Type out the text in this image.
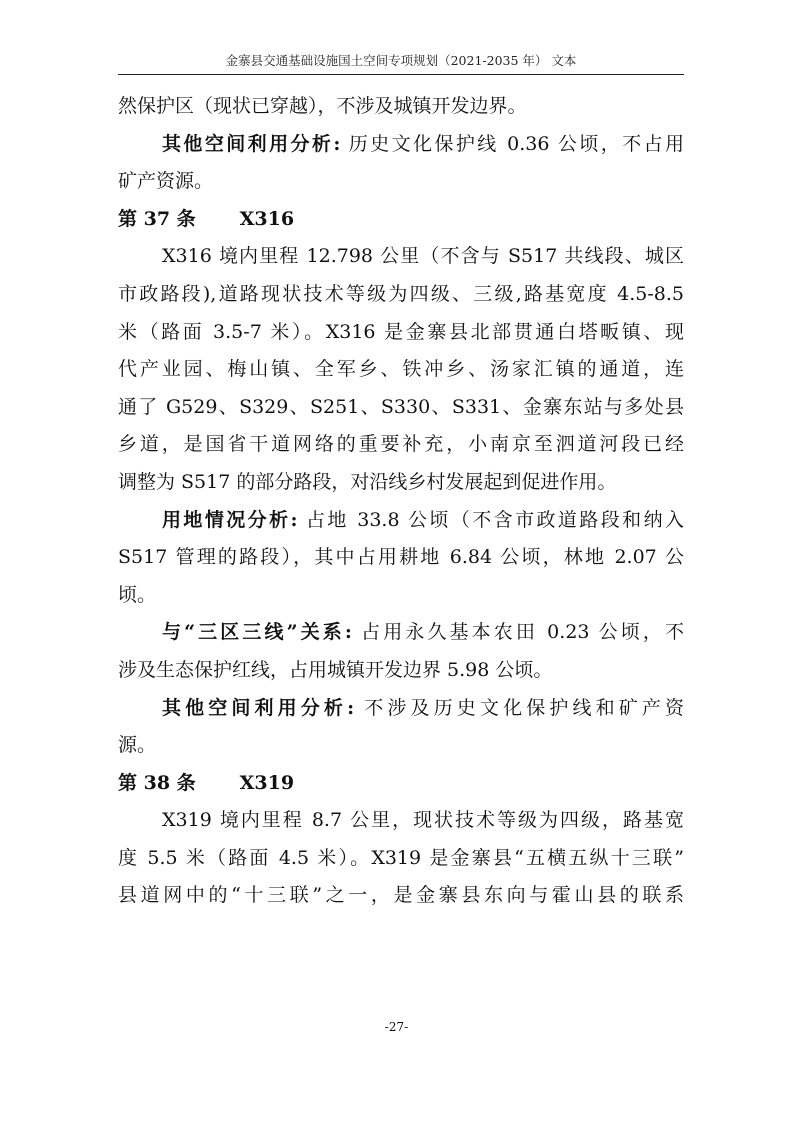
金寨县交通基础设施国土空间专项规划（2021-2035 年） 文本
然保护区（现状已穿越），不涉及城镇开发边界。
其他空间利用分析: 历史文化保护线 0.36 公顷，不占用
矿产资源。
第 37 条 X316
X316 境内里程 12.798 公里（不含与 S517 共线段、城区
市政路段),道路现状技术等级为四级、三级,路基宽度 4.5-8.5
米（路面 3.5-7 米）。X316 是金寨县北部贯通白塔畈镇、现
代产业园、梅山镇、全军乡、铁冲乡、汤家汇镇的通道，连
通了 G529、S329、S251、S330、S331、金寨东站与多处县
乡道，是国省干道网络的重要补充，小南京至泗道河段已经
调整为 S517 的部分路段，对沿线乡村发展起到促进作用。
用地情况分析: 占地 33.8 公顷（不含市政道路段和纳入
S517 管理的路段），其中占用耕地 6.84 公顷，林地 2.07 公
顷。
与“三区三线”关系: 占用永久基本农田 0.23 公顷，不
涉及生态保护红线，占用城镇开发边界 5.98 公顷。
其他空间利用分析: 不涉及历史文化保护线和矿产资
源。
第 38 条 X319
X319 境内里程 8.7 公里，现状技术等级为四级，路基宽
度 5.5 米（路面 4.5 米）。X319 是金寨县“五横五纵十三联”
县道网中的“十三联”之一，是金寨县东向与霍山县的联系
-27-
